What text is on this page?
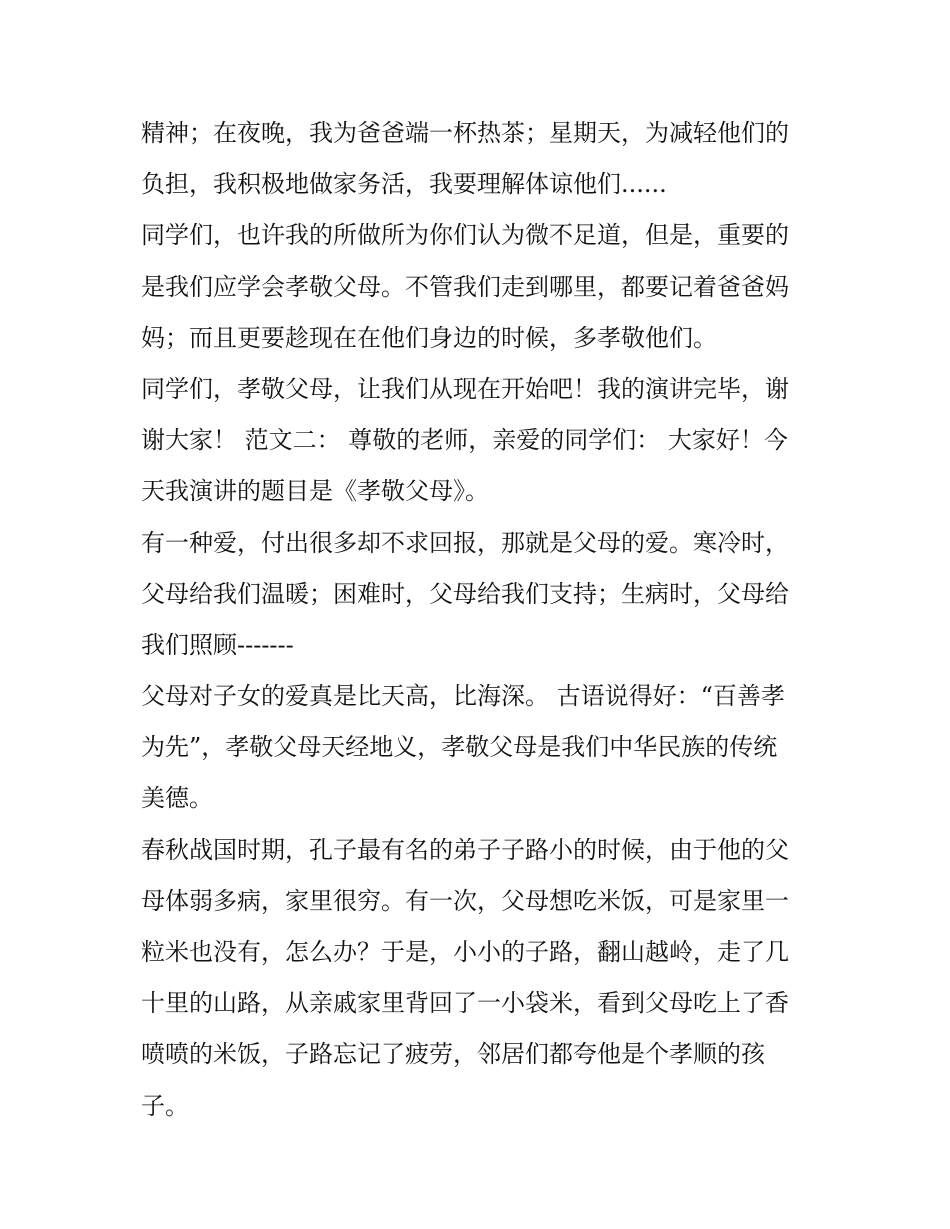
精神；在夜晚，我为爸爸端一杯热茶；星期天，为减轻他们的
负担，我积极地做家务活，我要理解体谅他们......
同学们，也许我的所做所为你们认为微不足道，但是，重要的
是我们应学会孝敬父母。不管我们走到哪里，都要记着爸爸妈
妈；而且更要趁现在在他们身边的时候，多孝敬他们。
同学们，孝敬父母，让我们从现在开始吧！我的演讲完毕，谢
谢大家！ 范文二： 尊敬的老师，亲爱的同学们： 大家好！今
天我演讲的题目是《孝敬父母》。
有一种爱，付出很多却不求回报，那就是父母的爱。寒冷时，
父母给我们温暖；困难时，父母给我们支持；生病时，父母给
我们照顾-------
父母对子女的爱真是比天高，比海深。 古语说得好：“百善孝
为先”，孝敬父母天经地义，孝敬父母是我们中华民族的传统
美德。
春秋战国时期，孔子最有名的弟子子路小的时候，由于他的父
母体弱多病，家里很穷。有一次，父母想吃米饭，可是家里一
粒米也没有，怎么办？于是，小小的子路，翻山越岭，走了几
十里的山路，从亲戚家里背回了一小袋米，看到父母吃上了香
喷喷的米饭，子路忘记了疲劳，邻居们都夸他是个孝顺的孩
子。
